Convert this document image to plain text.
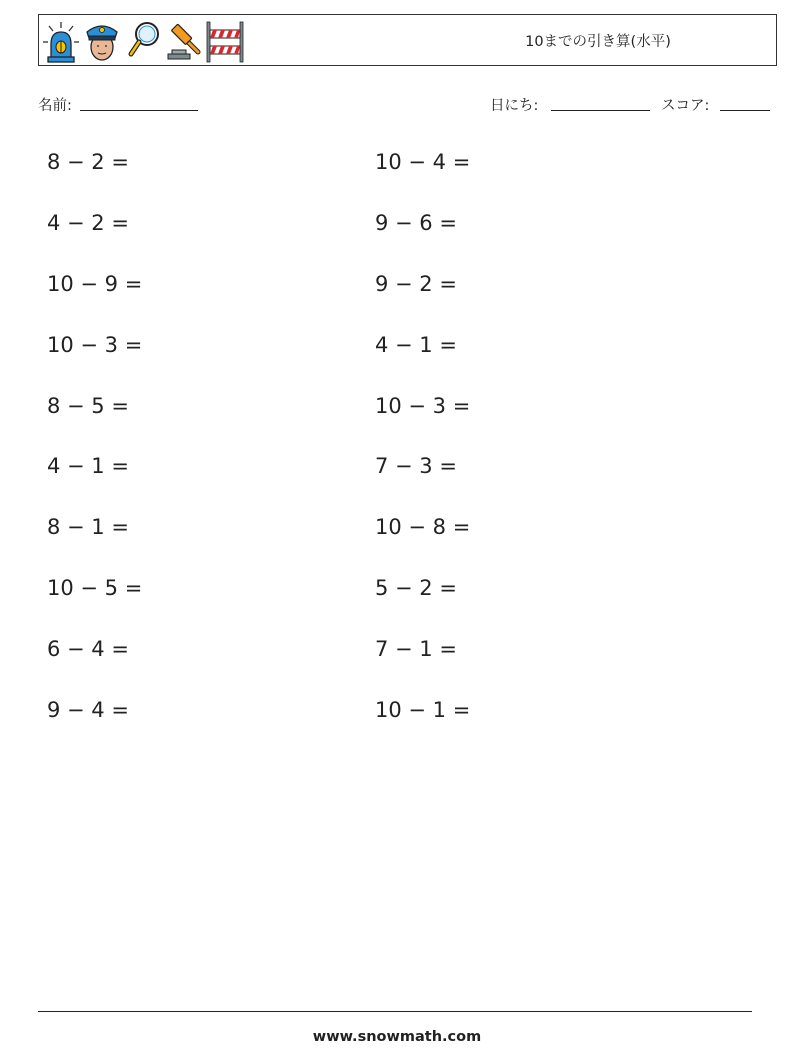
10までの引き算(水平)
名前:	日にち:	スコア:
8 − 2 =
4 − 2 =
10 − 9 =
10 − 3 =
8 − 5 =
4 − 1 =
8 − 1 =
10 − 5 =
6 − 4 =
9 − 4 =
10 − 4 =
9 − 6 =
9 − 2 =
4 − 1 =
10 − 3 =
7 − 3 =
10 − 8 =
5 − 2 =
7 − 1 =
10 − 1 =
www.snowmath.com
